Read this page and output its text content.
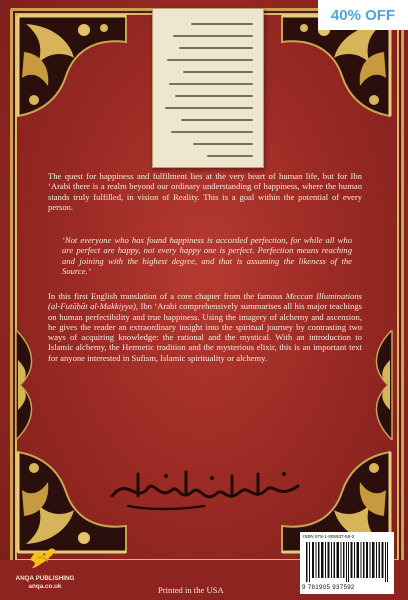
The quest for happiness and fulfilment lies at the very heart of human life, but for Ibn ‘Arabi there is a realm beyond our ordinary understanding of happiness, where the human stands truly fulfilled, in vision of Reality. This is a goal within the potential of every person.
‘Not everyone who has found happiness is accorded perfection, for while all who are perfect are happy, not every happy one is perfect. Perfection means reaching and joining with the highest degree, and that is assuming the likeness of the Source.’
In this first English translation of a core chapter from the famous Meccan Illuminations (al-Futūḥāt al-Makkiyya), Ibn ‘Arabi comprehensively summarises all his major teachings on human perfectibility and true happiness. Using the imagery of alchemy and ascension, he gives the reader an extraordinary insight into the spiritual journey by contrasting two ways of acquiring knowledge: the rational and the mystical. With an introduction to Islamic alchemy, the Hermetic tradition and the mysterious elixir, this is an important text for anyone interested in Sufism, Islamic spirituality or alchemy.
ANQA PUBLISHING
anqa.co.uk	Printed in the USA
ISBN 978-1-905937-59-2
9 781905 937592
40% OFF
